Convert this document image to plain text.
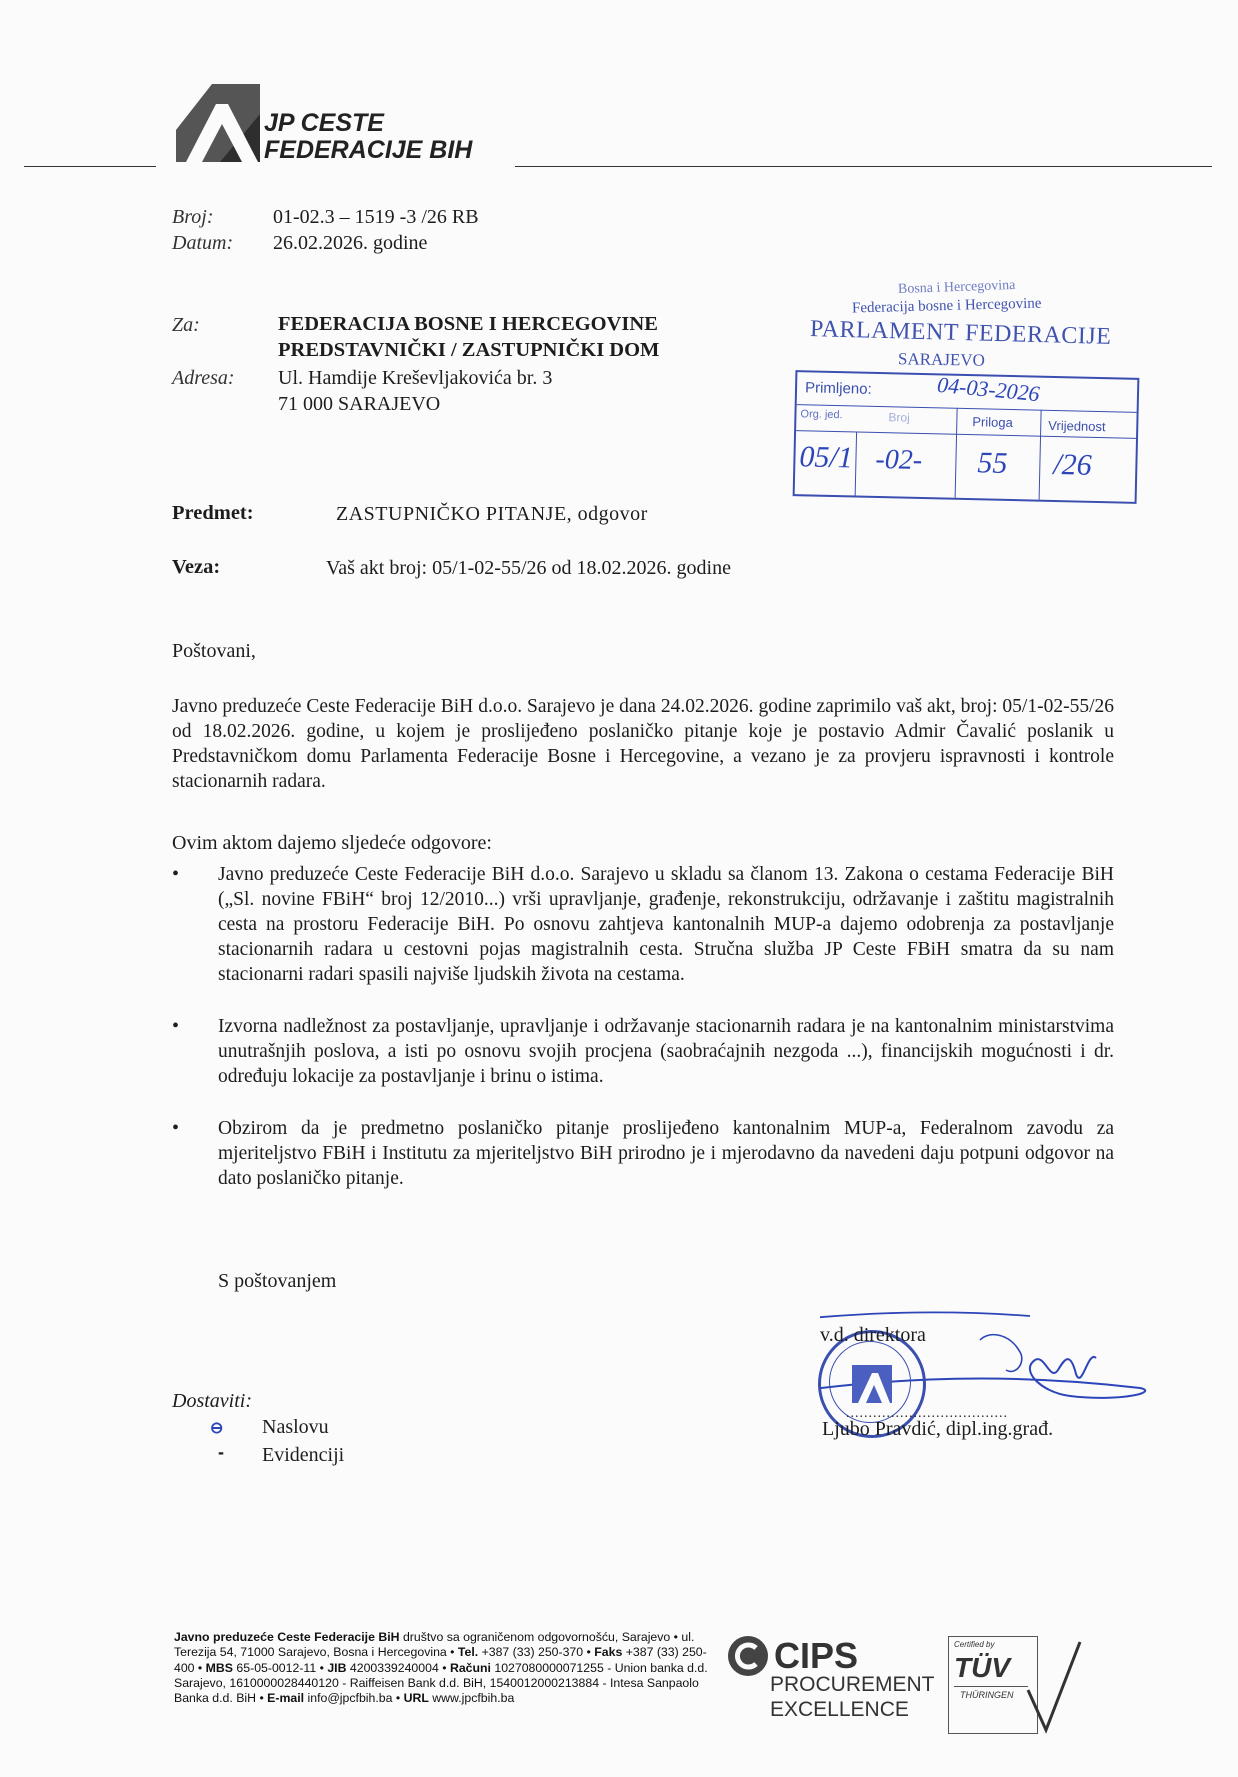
JP CESTE
FEDERACIJE BIH
Broj:	01-02.3 – 1519 -3 /26 RB
Datum: 26.02.2026. godine
Za:	FEDERACIJA BOSNE I HERCEGOVINE
PREDSTAVNIČKI / ZASTUPNIČKI DOM
Adresa: Ul. Hamdije Kreševljakovića br. 3
71 000 SARAJEVO
Bosna i Hercegovina
Federacija bosne i Hercegovine
PARLAMENT FEDERACIJE
SARAJEVO
Primljeno:	04-03-2026
Org. jed.	Broj	Priloga	Vrijednost
05/1 -02- 55 /26
Predmet:	ZASTUPNIČKO PITANJE, odgovor
Veza:	Vaš akt broj: 05/1-02-55/26 od 18.02.2026. godine
Poštovani,
Javno preduzeće Ceste Federacije BiH d.o.o. Sarajevo je dana 24.02.2026. godine zaprimilo vaš akt, broj: 05/1-02-55/26 od 18.02.2026. godine, u kojem je proslijeđeno poslaničko pitanje koje je postavio Admir Čavalić poslanik u Predstavničkom domu Parlamenta Federacije Bosne i Hercegovine, a vezano je za provjeru ispravnosti i kontrole stacionarnih radara.
Ovim aktom dajemo sljedeće odgovore:
• Javno preduzeće Ceste Federacije BiH d.o.o. Sarajevo u skladu sa članom 13. Zakona o cestama Federacije BiH („Sl. novine FBiH“ broj 12/2010...) vrši upravljanje, građenje, rekonstrukciju, održavanje i zaštitu magistralnih cesta na prostoru Federacije BiH. Po osnovu zahtjeva kantonalnih MUP-a dajemo odobrenja za postavljanje stacionarnih radara u cestovni pojas magistralnih cesta. Stručna služba JP Ceste FBiH smatra da su nam stacionarni radari spasili najviše ljudskih života na cestama.
• Izvorna nadležnost za postavljanje, upravljanje i održavanje stacionarnih radara je na kantonalnim ministarstvima unutrašnjih poslova, a isti po osnovu svojih procjena (saobraćajnih nezgoda ...), financijskih mogućnosti i dr. određuju lokacije za postavljanje i brinu o istima.
• Obzirom da je predmetno poslaničko pitanje proslijeđeno kantonalnim MUP-a, Federalnom zavodu za mjeriteljstvo FBiH i Institutu za mjeriteljstvo BiH prirodno je i mjerodavno da navedeni daju potpuni odgovor na dato poslaničko pitanje.
S poštovanjem
v.d. direktora
....................................
Ljubo Pravdić, dipl.ing.građ.
Dostaviti:
⊖ Naslovu
- Evidenciji
Javno preduzeće Ceste Federacije BiH društvo sa ograničenom odgovornošću, Sarajevo • ul. Terezija 54, 71000 Sarajevo, Bosna i Hercegovina • Tel. +387 (33) 250-370 • Faks +387 (33) 250-400 • MBS 65-05-0012-11 • JIB 4200339240004 • Računi 1027080000071255 - Union banka d.d. Sarajevo, 1610000028440120 - Raiffeisen Bank d.d. BiH, 1540012000213884 - Intesa Sanpaolo Banka d.d. BiH • E-mail info@jpcfbih.ba • URL www.jpcfbih.ba
CIPS
PROCUREMENT
EXCELLENCE
Certified by
TÜV
THÜRINGEN
